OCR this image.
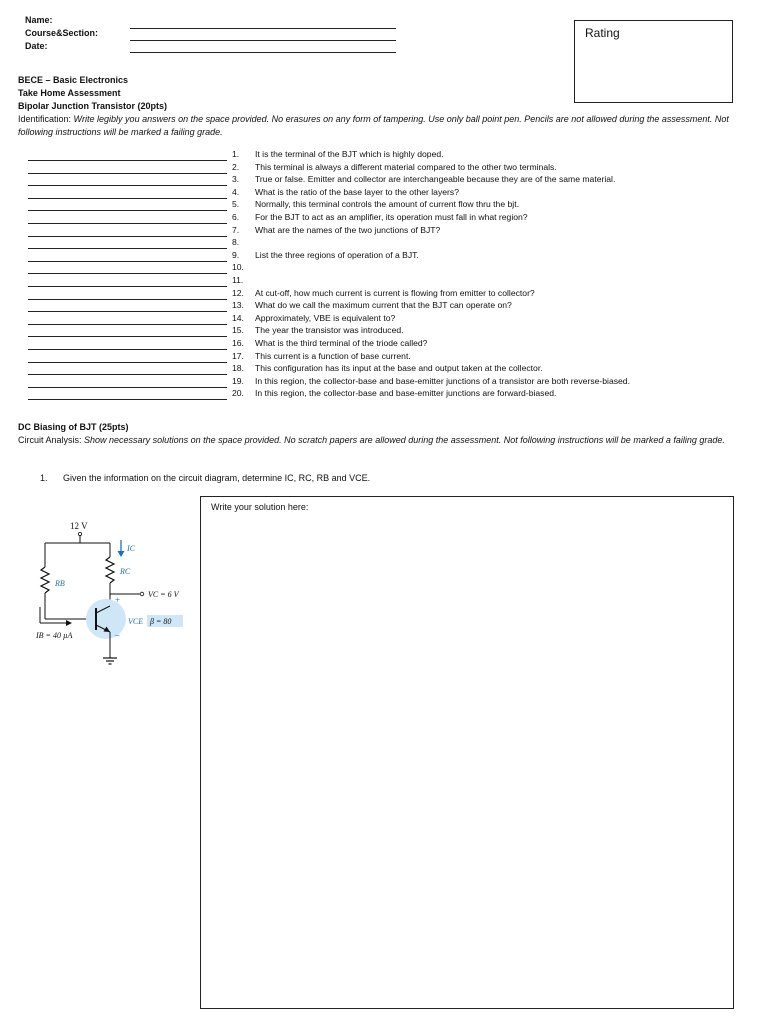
Name:
Course&Section:
Date:
Rating
BECE – Basic Electronics
Take Home Assessment
Bipolar Junction Transistor (20pts)
Identification: Write legibly you answers on the space provided. No erasures on any form of tampering. Use only ball point pen. Pencils are not allowed during the assessment. Not following instructions will be marked a failing grade.
1.	It is the terminal of the BJT which is highly doped.
2.	This terminal is always a different material compared to the other two terminals.
3.	True or false. Emitter and collector are interchangeable because they are of the same material.
4.	What is the ratio of the base layer to the other layers?
5.	Normally, this terminal controls the amount of current flow thru the bjt.
6.	For the BJT to act as an amplifier, its operation must fall in what region?
7.	What are the names of the two junctions of BJT?
8.
9.	List the three regions of operation of a BJT.
10.
11.
12.	At cut-off, how much current is current is flowing from emitter to collector?
13.	What do we call the maximum current that the BJT can operate on?
14.	Approximately, VBE is equivalent to?
15.	The year the transistor was introduced.
16.	What is the third terminal of the triode called?
17.	This current is a function of base current.
18.	This configuration has its input at the base and output taken at the collector.
19.	In this region, the collector-base and base-emitter junctions of a transistor are both reverse-biased.
20.	In this region, the collector-base and base-emitter junctions are forward-biased.
DC Biasing of BJT (25pts)
Circuit Analysis: Show necessary solutions on the space provided. No scratch papers are allowed during the assessment. Not following instructions will be marked a failing grade.
1. Given the information on the circuit diagram, determine IC, RC, RB and VCE.
12 V
RB
RC
IC
VC = 6 V
+
VCE β = 80
–
IB = 40 µA
Write your solution here:
